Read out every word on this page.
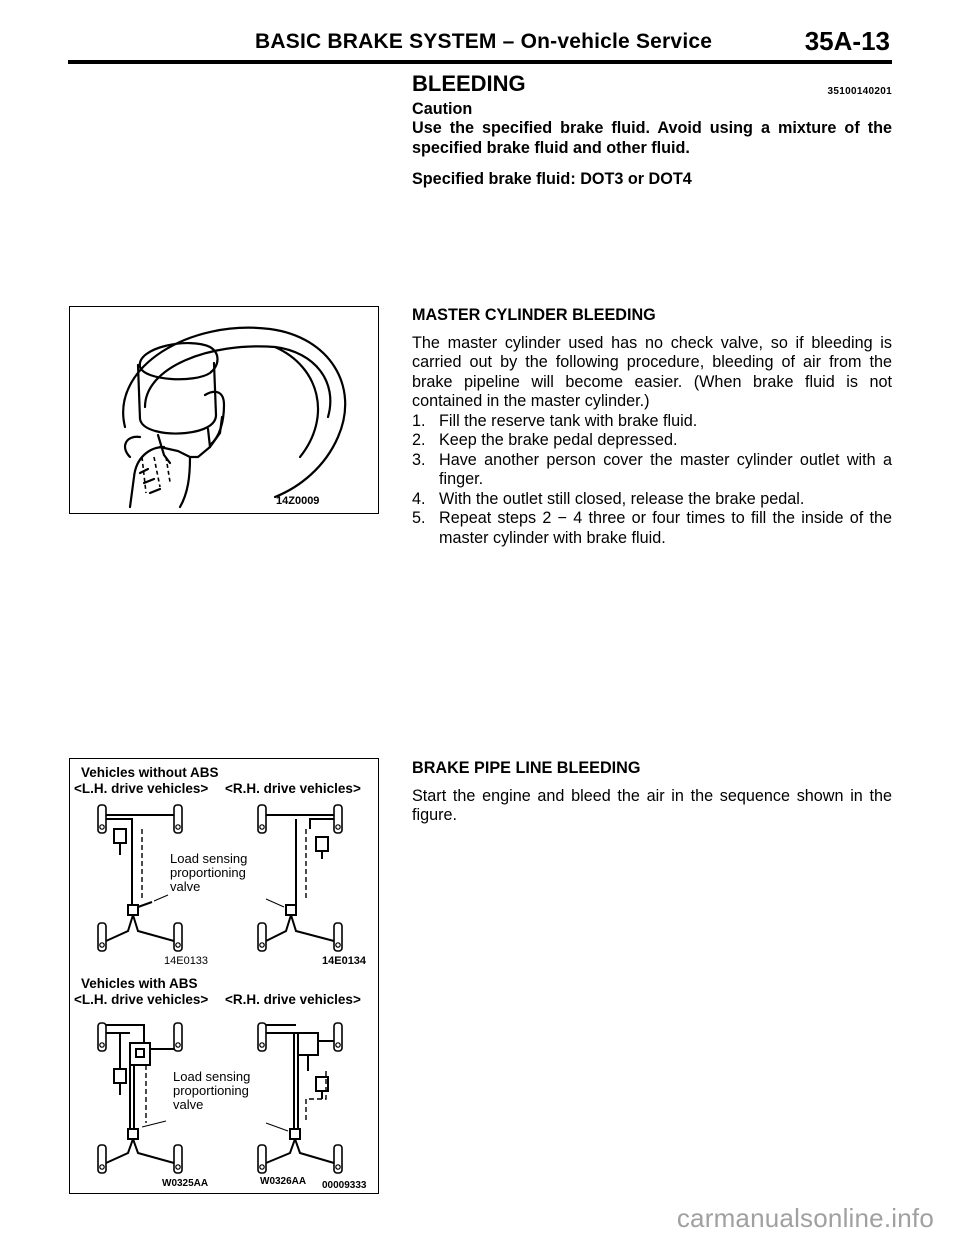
BASIC BRAKE SYSTEM – On-vehicle Service	35A-13
BLEEDING	35100140201
Caution
Use the specified brake fluid. Avoid using a mixture of the specified brake fluid and other fluid.
Specified brake fluid: DOT3 or DOT4
14Z0009
MASTER CYLINDER BLEEDING
The master cylinder used has no check valve, so if bleeding is carried out by the following procedure, bleeding of air from the brake pipeline will become easier. (When brake fluid is not contained in the master cylinder.)
1. Fill the reserve tank with brake fluid.
2. Keep the brake pedal depressed.
3. Have another person cover the master cylinder outlet with a finger.
4. With the outlet still closed, release the brake pedal.
5. Repeat steps 2 − 4 three or four times to fill the inside of the master cylinder with brake fluid.
Vehicles without ABS
<L.H. drive vehicles> <R.H. drive vehicles>
Vehicles with ABS
<L.H. drive vehicles> <R.H. drive vehicles>
Load sensing
proportioning
valve
Load sensing
proportioning
valve
14E0133	14E0134
W0325AA	W0326AA 00009333
BRAKE PIPE LINE BLEEDING
Start the engine and bleed the air in the sequence shown in the figure.
carmanualsonline.info
